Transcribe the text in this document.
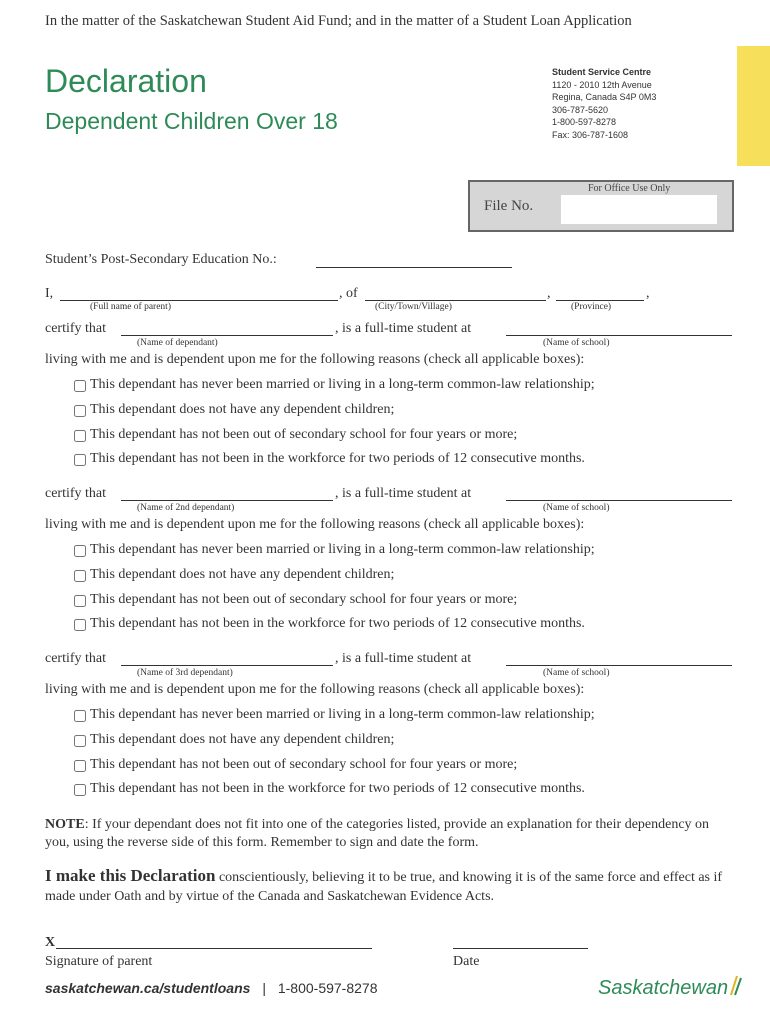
In the matter of the Saskatchewan Student Aid Fund; and in the matter of a Student Loan Application
Declaration
Dependent Children Over 18
Student Service Centre
1120 - 2010 12th Avenue
Regina, Canada S4P 0M3
306-787-5620
1-800-597-8278
Fax: 306-787-1608
For Office Use Only
File No.
Student’s Post-Secondary Education No.:
I,	, of	,	,
(Full name of parent)	(City/Town/Village)	(Province)
certify that	, is a full-time student at
(Name of dependant)	(Name of school)
living with me and is dependent upon me for the following reasons (check all applicable boxes):
This dependant has never been married or living in a long-term common-law relationship;
This dependant does not have any dependent children;
This dependant has not been out of secondary school for four years or more;
This dependant has not been in the workforce for two periods of 12 consecutive months.
certify that	, is a full-time student at
(Name of 2nd dependant)	(Name of school)
living with me and is dependent upon me for the following reasons (check all applicable boxes):
This dependant has never been married or living in a long-term common-law relationship;
This dependant does not have any dependent children;
This dependant has not been out of secondary school for four years or more;
This dependant has not been in the workforce for two periods of 12 consecutive months.
certify that	, is a full-time student at
(Name of 3rd dependant)	(Name of school)
living with me and is dependent upon me for the following reasons (check all applicable boxes):
This dependant has never been married or living in a long-term common-law relationship;
This dependant does not have any dependent children;
This dependant has not been out of secondary school for four years or more;
This dependant has not been in the workforce for two periods of 12 consecutive months.
NOTE: If your dependant does not fit into one of the categories listed, provide an explanation for their dependency on you, using the reverse side of this form. Remember to sign and date the form.
I make this Declaration conscientiously, believing it to be true, and knowing it is of the same force and effect as if made under Oath and by virtue of the Canada and Saskatchewan Evidence Acts.
X
Signature of parent	Date
saskatchewan.ca/studentloans | 1-800-597-8278	Saskatchewan
